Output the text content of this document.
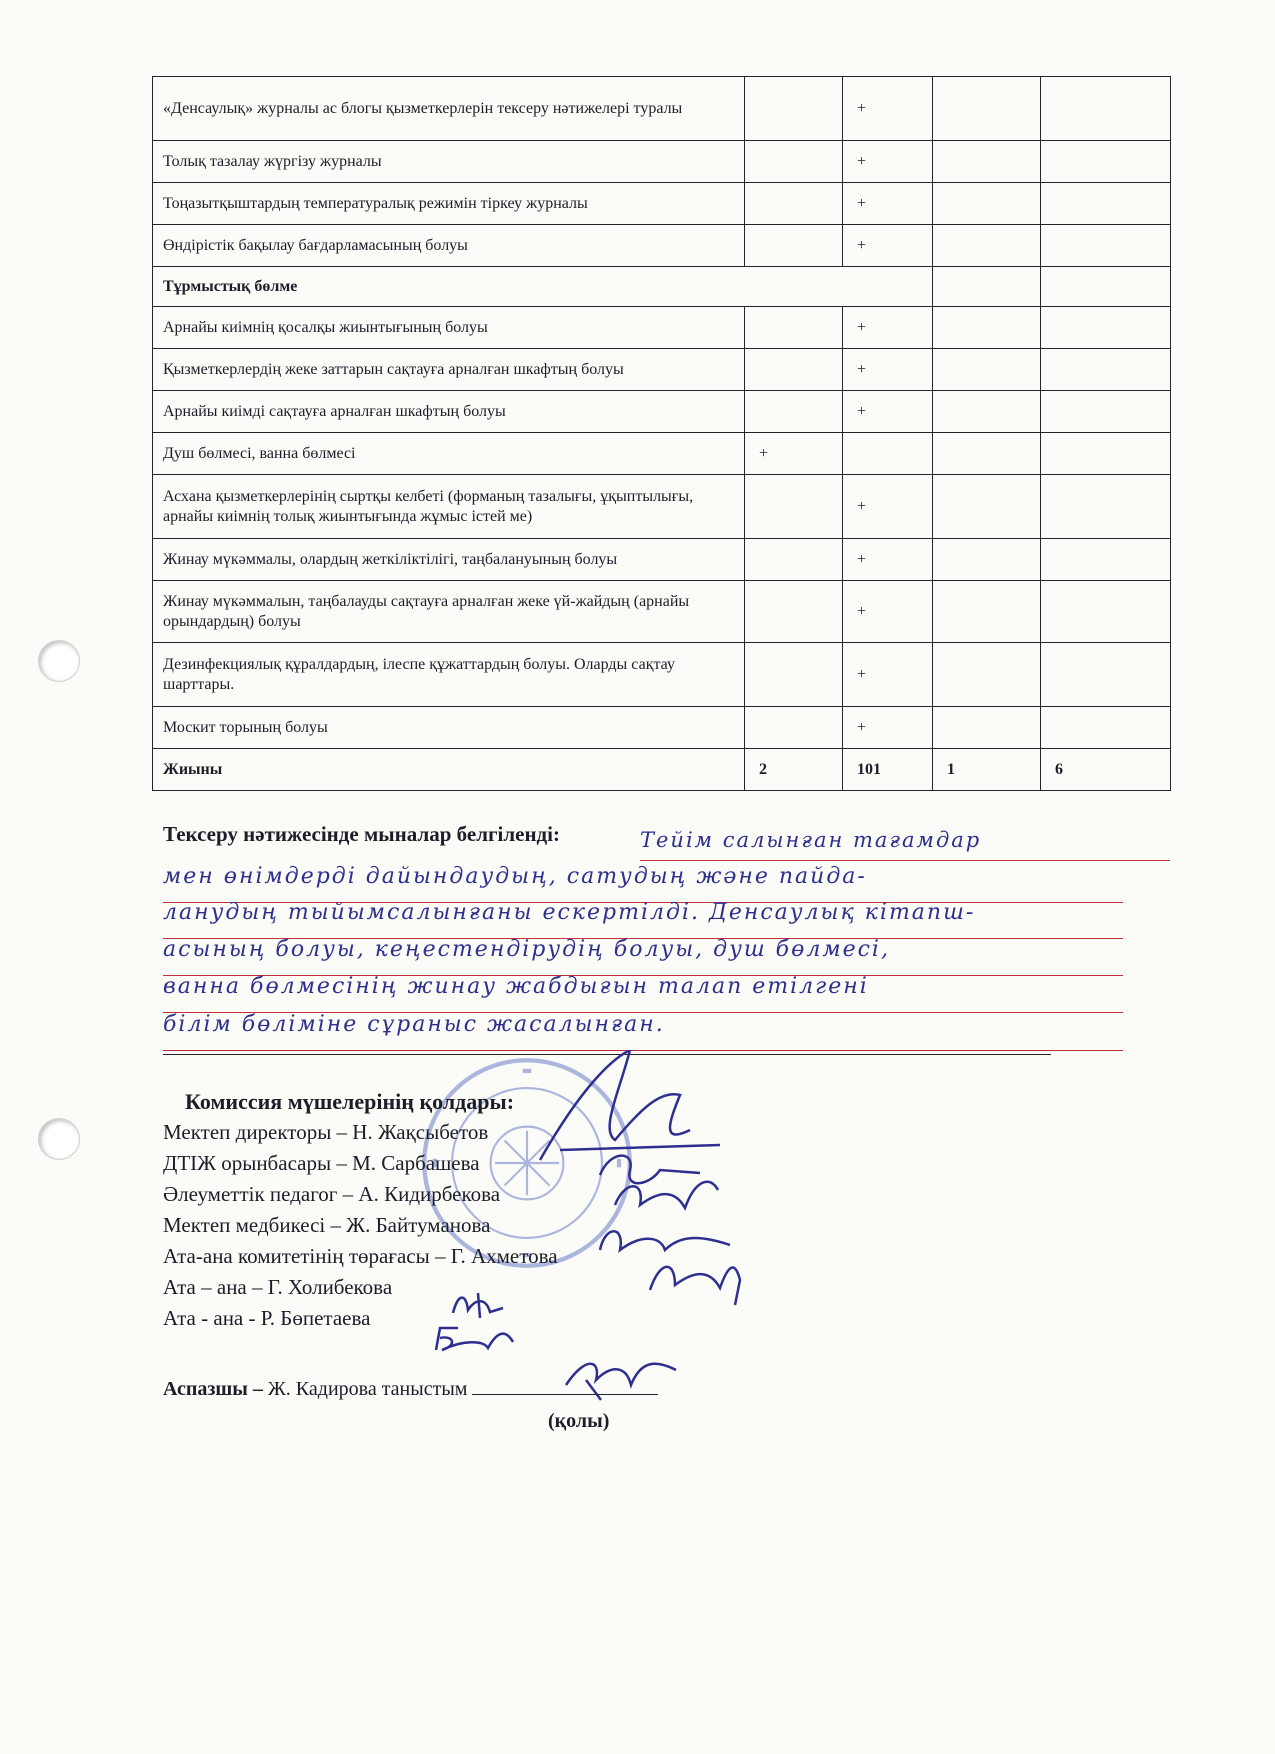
«Денсаулық» журналы ас блогы қызметкерлерін тексеру нәтижелері туралы		+		
Толық тазалау жүргізу журналы		+		
Тоңазытқыштардың температуралық режимін тіркеу журналы		+		
Өндірістік бақылау бағдарламасының болуы		+		
Тұрмыстық бөлме				
Арнайы киімнің қосалқы жиынтығының болуы		+		
Қызметкерлердің жеке заттарын сақтауға арналған шкафтың болуы		+		
Арнайы киімді сақтауға арналған шкафтың болуы		+		
Душ бөлмесі, ванна бөлмесі	+			
Асхана қызметкерлерінің сыртқы келбеті (форманың тазалығы, ұқыптылығы, арнайы киімнің толық жиынтығында жұмыс істей ме)		+		
Жинау мүкәммалы, олардың жеткіліктілігі, таңбалануының болуы		+		
Жинау мүкәммалын, таңбалауды сақтауға арналған жеке үй-жайдың (арнайы орындардың) болуы		+		
Дезинфекциялық құралдардың, ілеспе құжаттардың болуы. Оларды сақтау шарттары.		+		
Москит торының болуы		+		
Жиыны	2	101	1	6
Тексеру нәтижесінде мыналар белгіленді:	Тейім салынған тағамдар
мен өнімдерді дайындаудың, сатудың және пайда-
ланудың тыйымсалынғаны ескертілді. Денсаулық кітапш-
асының болуы, кеңестендірудің болуы, душ бөлмесі,
ванна бөлмесінің жинау жабдығын талап етілгені
білім бөліміне сұраныс жасалынған.
Комиссия мүшелерінің қолдары:
Мектеп директоры – Н. Жақсыбетов
ДТІЖ орынбасары – М. Сарбашева
Әлеуметтік педагог – А. Кидирбекова
Мектеп медбикесі – Ж. Байтуманова
Ата-ана комитетінің төрағасы – Г. Ахметова
Ата – ана – Г. Холибекова
Ата - ана - Р. Бөпетаева
Аспазшы – Ж. Кадирова таныстым
(қолы)
